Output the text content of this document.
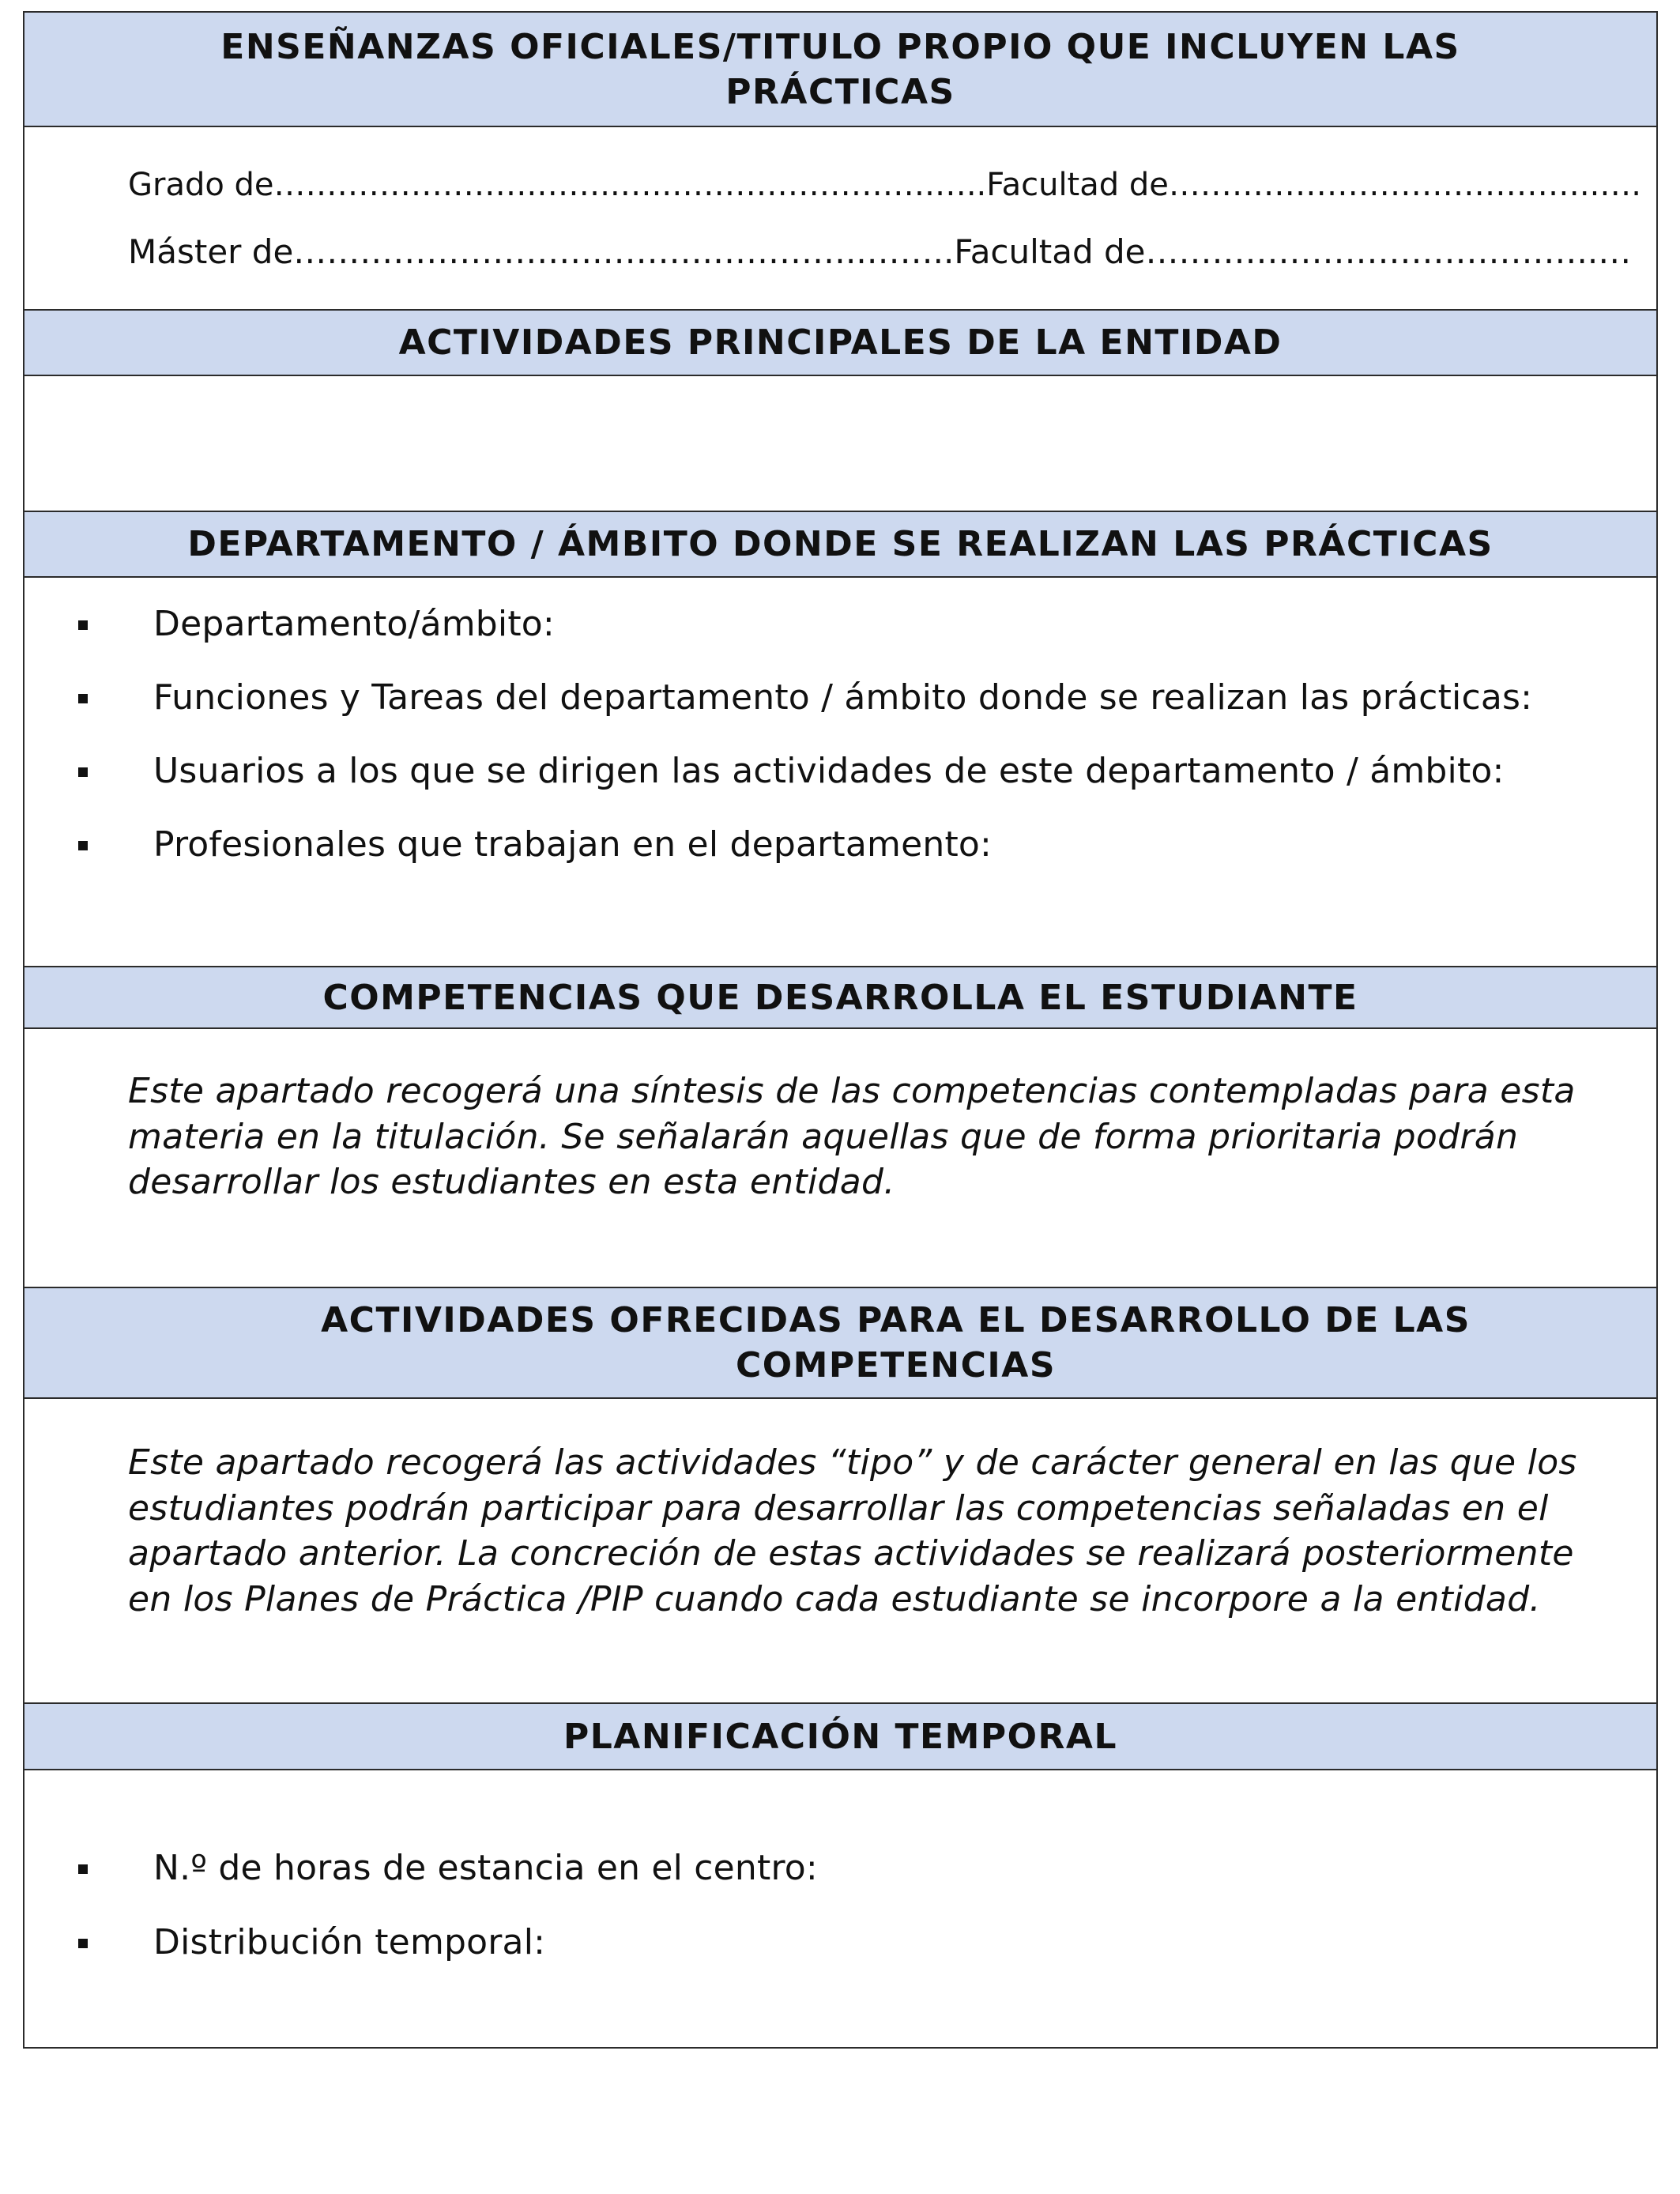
ENSEÑANZAS OFICIALES/TITULO PROPIO QUE INCLUYEN LAS PRÁCTICAS
Grado de…………………….……..…..…………………….…..Facultad de…………………………………..….
Máster de……………………….……….…………..……..Facultad de…………………………………..…
ACTIVIDADES PRINCIPALES DE LA ENTIDAD
DEPARTAMENTO / ÁMBITO DONDE SE REALIZAN LAS PRÁCTICAS
Departamento/ámbito:
Funciones y Tareas del departamento / ámbito donde se realizan las prácticas:
Usuarios a los que se dirigen las actividades de este departamento / ámbito:
Profesionales que trabajan en el departamento:
COMPETENCIAS QUE DESARROLLA EL ESTUDIANTE
Este apartado recogerá una síntesis de las competencias contempladas para esta materia en la titulación. Se señalarán aquellas que de forma prioritaria podrán desarrollar los estudiantes en esta entidad.
ACTIVIDADES OFRECIDAS PARA EL DESARROLLO DE LAS COMPETENCIAS
Este apartado recogerá las actividades “tipo” y de carácter general en las que los estudiantes podrán participar para desarrollar las competencias señaladas en el apartado anterior. La concreción de estas actividades se realizará posteriormente en los Planes de Práctica /PIP cuando cada estudiante se incorpore a la entidad.
PLANIFICACIÓN TEMPORAL
N.º de horas de estancia en el centro:
Distribución temporal:
